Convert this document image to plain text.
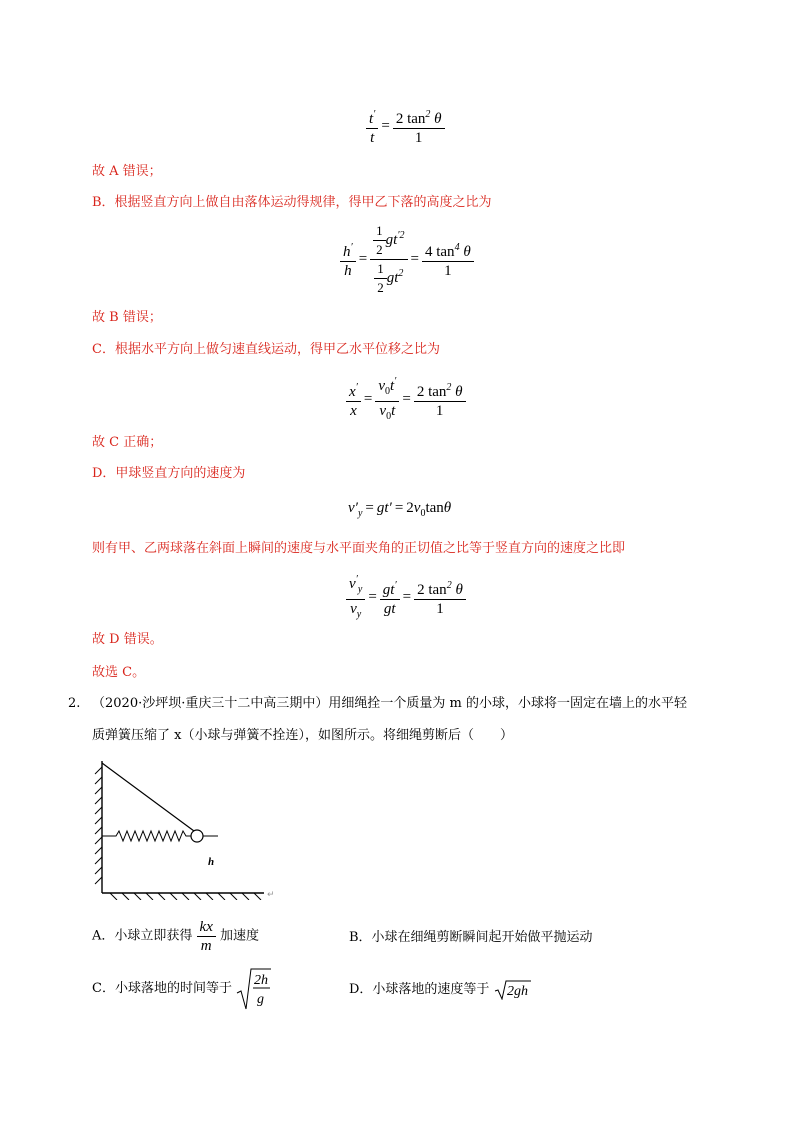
$\frac{t'}{t} = \frac{2 \tan^2 \theta}{1}$
故 A 错误；
B．根据竖直方向上做自由落体运动得规律，得甲乙下落的高度之比为
$\frac{h'}{h} = \frac{\frac{1}{2} gt^{'2}}{\frac{1}{2} gt^2} = \frac{4 \tan^4 \theta}{1}$
故 B 错误；
C．根据水平方向上做匀速直线运动，得甲乙水平位移之比为
$\frac{x'}{x} = \frac{v_0t'}{v_0t} = \frac{2 \tan^2 \theta}{1}$
故 C 正确；
D．甲球竖直方向的速度为
$v'_y = gt' = 2v_0\tan\theta$
则有甲、乙两球落在斜面上瞬间的速度与水平面夹角的正切值之比等于竖直方向的速度之比即
$\frac{v'_y}{v_y} = \frac{gt'}{gt} = \frac{2 \tan^2 \theta}{1}$
故 D 错误。
故选 C。
2. （2020·沙坪坝·重庆三十二中高三期中）用细绳拴一个质量为 m 的小球，小球将一固定在墙上的水平轻
质弹簧压缩了 x（小球与弹簧不拴连），如图所示。将细绳剪断后（　　）
h
↵
A．小球立即获得 $\frac{kx}{m}$ 加速度	B．小球在细绳剪断瞬间起开始做平抛运动
C．小球落地的时间等于
2h
g
D．小球落地的速度等于 2gh
